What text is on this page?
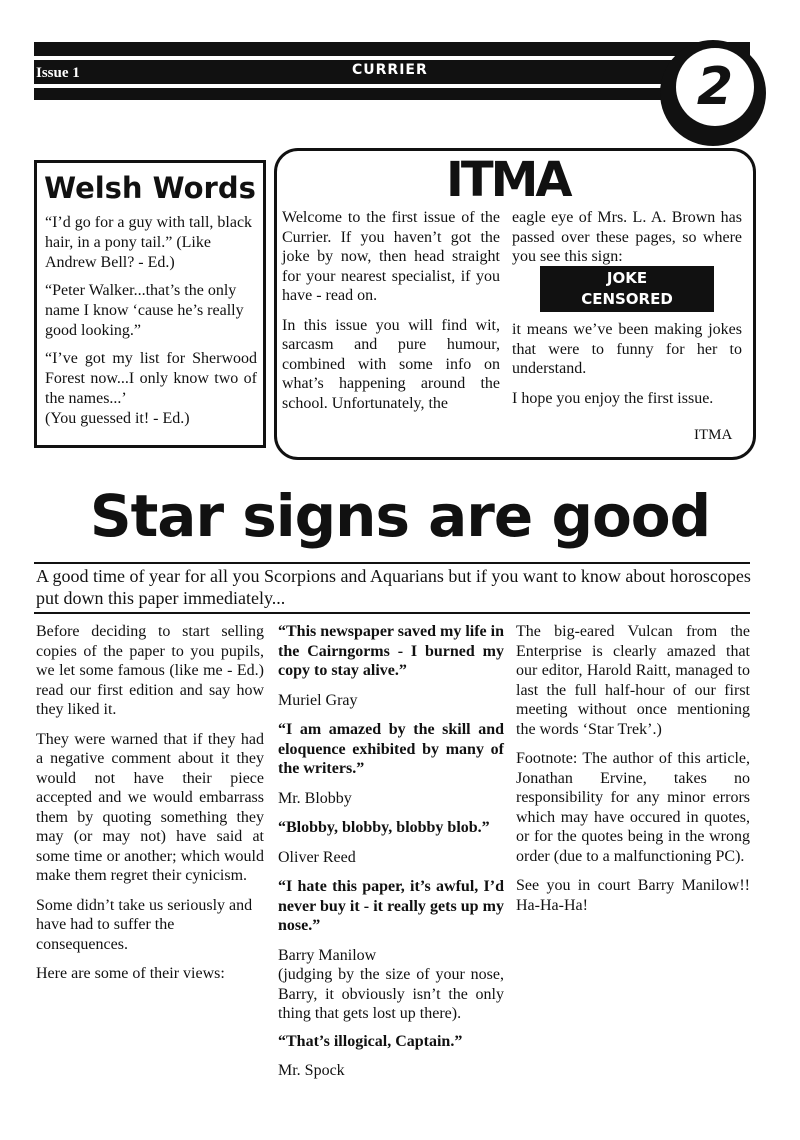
Issue 1	CURRIER	2
Welsh Words

“I’d go for a guy with tall, black hair, in a pony tail.” (Like Andrew Bell? - Ed.)

“Peter Walker...that’s the only name I know ‘cause he’s really good looking.”

“I’ve got my list for Sherwood Forest now...I only know two of the names...’

(You guessed it! - Ed.)

ITMA

Welcome to the first issue of the Currier. If you haven’t got the joke by now, then head straight for your nearest specialist, if you have - read on.

In this issue you will find wit, sarcasm and pure humour, combined with some info on what’s happening around the school. Unfortunately, the

eagle eye of Mrs. L. A. Brown has passed over these pages, so where you see this sign:

JOKE
CENSORED

it means we’ve been making jokes that were to funny for her to understand.

I hope you enjoy the first issue.

ITMA
Star signs are good
A good time of year for all you Scorpions and Aquarians but if you want to know about horoscopes put down this paper immediately...

Before deciding to start selling copies of the paper to you pupils, we let some famous (like me - Ed.) read our first edition and say how they liked it.

They were warned that if they had a negative comment about it they would not have their piece accepted and we would embarrass them by quoting something they may (or may not) have said at some time or another; which would make them regret their cynicism.

Some didn’t take us seriously and have had to suffer the consequences.

Here are some of their views:

“This newspaper saved my life in the Cairngorms - I burned my copy to stay alive.”

Muriel Gray

“I am amazed by the skill and eloquence exhibited by many of the writers.”

Mr. Blobby

“Blobby, blobby, blobby blob.”

Oliver Reed

“I hate this paper, it’s awful, I’d never buy it - it really gets up my nose.”

Barry Manilow

(judging by the size of your nose, Barry, it obviously isn’t the only thing that gets lost up there).

“That’s illogical, Captain.”

Mr. Spock

The big-eared Vulcan from the Enterprise is clearly amazed that our editor, Harold Raitt, managed to last the full half-hour of our first meeting without once mentioning the words ‘Star Trek’.)

Footnote: The author of this article, Jonathan Ervine, takes no responsibility for any minor errors which may have occured in quotes, or for the quotes being in the wrong order (due to a malfunctioning PC).

See you in court Barry Manilow!! Ha-Ha-Ha!
